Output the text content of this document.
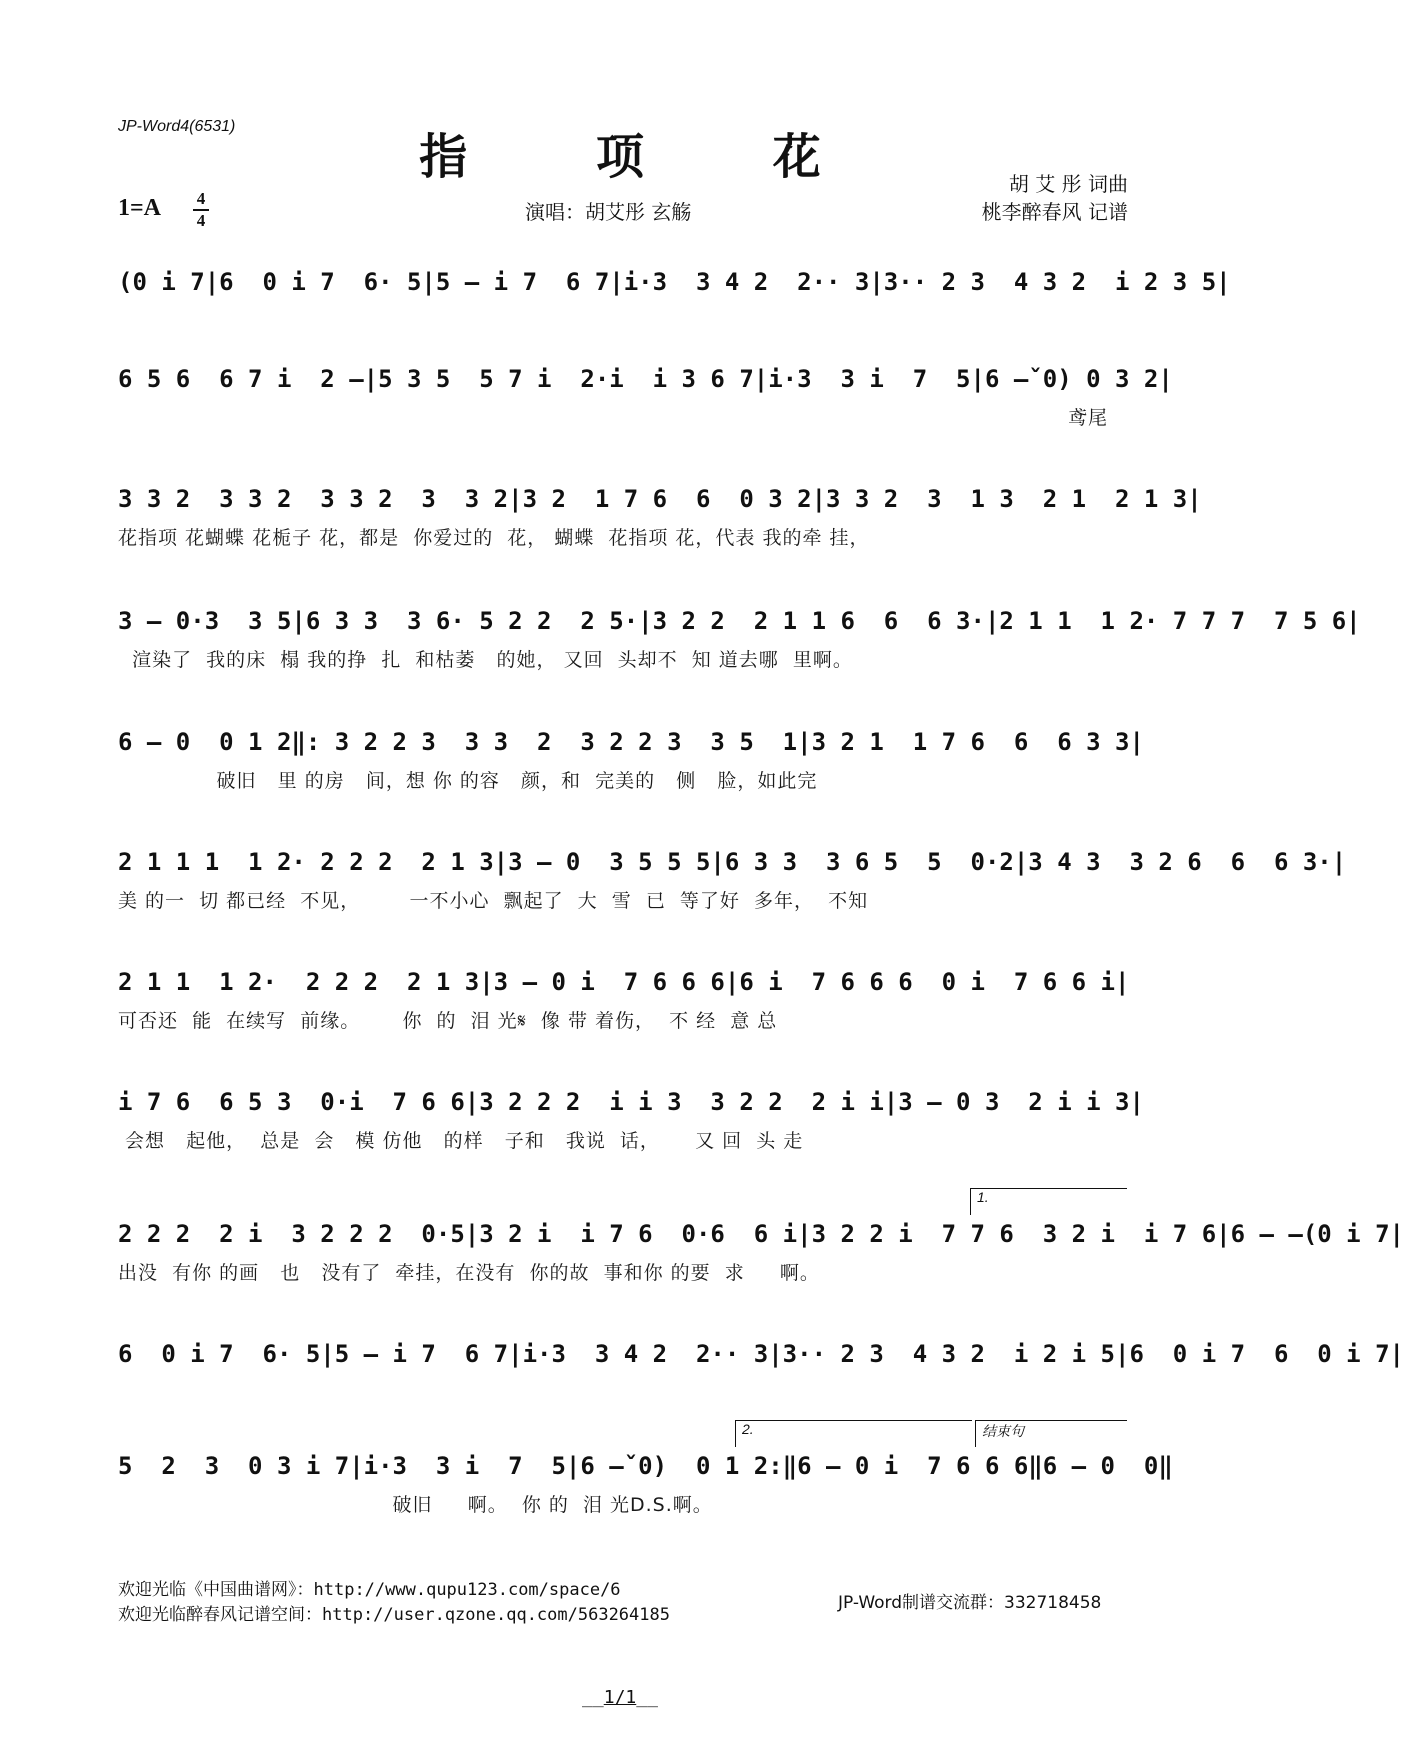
JP-Word4(6531)
指 项 花
1=A 4
4	演唱：胡艾彤 玄觞
胡 艾 彤 词曲
桃李醉春风 记谱
(0 i 7|6  0 i 7  6· 5|5 – i 7  6 7|i·3  3 4 2  2·· 3|3·· 2 3  4 3 2  i 2 3 5|
6 5 6  6 7 i  2 –|5 3 5  5 7 i  2·i  i 3 6 7|i·3  3 i  7  5|6 –ˇ0) 0 3 2|
鸢尾
3 3 2  3 3 2  3 3 2  3  3 2|3 2  1 7 6  6  0 3 2|3 3 2  3  1 3  2 1  2 1 3|
花指项 花蝴蝶 花栀子 花，都是  你爱过的  花， 蝴蝶  花指项 花，代表 我的牵 挂，
3 – 0·3  3 5|6 3 3  3 6· 5 2 2  2 5·|3 2 2  2 1 1 6  6  6 3·|2 1 1  1 2· 7 7 7  7 5 6|
渲染了  我的床  榻 我的挣  扎  和枯萎   的她， 又回  头却不  知 道去哪  里啊。
6 – 0  0 1 2‖: 3 2 2 3  3 3  2  3 2 2 3  3 5  1|3 2 1  1 7 6  6  6 3 3|
破旧   里 的房   间，想 你 的容   颜，和  完美的   侧   脸，如此完
2 1 1 1  1 2· 2 2 2  2 1 3|3 – 0  3 5 5 5|6 3 3  3 6 5  5  0·2|3 4 3  3 2 6  6  6 3·|
美 的一  切 都已经  不见，       一不小心  飘起了  大  雪  已  等了好  多年，  不知
2 1 1  1 2·  2 2 2  2 1 3|3 – 0 i  7 6 6 6|6 i  7 6 6 6  0 i  7 6 6 i|
可否还  能  在续写  前缘。      你  的  泪 光𝄋  像 带 着伤，  不 经  意 总
i 7 6  6 5 3  0·i  7 6 6|3 2 2 2  i i 3  3 2 2  2 i i|3 – 0 3  2 i i 3|
会想   起他，  总是  会   模 仿他   的样   子和   我说  话，     又 回  头 走
1.
2 2 2  2 i  3 2 2 2  0·5|3 2 i  i 7 6  0·6  6 i|3 2 2 i  7 7 6  3 2 i  i 7 6|6 – –(0 i 7|
出没  有你 的画   也   没有了  牵挂，在没有  你的故  事和你 的要  求     啊。
6  0 i 7  6· 5|5 – i 7  6 7|i·3  3 4 2  2·· 3|3·· 2 3  4 3 2  i 2 i 5|6  0 i 7  6  0 i 7|
2.	结束句
5  2  3  0 3 i 7|i·3  3 i  7  5|6 –ˇ0)  0 1 2:‖6 – 0 i  7 6 6 6‖6 – 0  0‖
破旧     啊。  你 的  泪 光D.S.啊。
欢迎光临《中国曲谱网》：http://www.qupu123.com/space/6
欢迎光临醉春风记谱空间：http://user.qzone.qq.com/563264185
JP-Word制谱交流群：332718458
__1/1__
